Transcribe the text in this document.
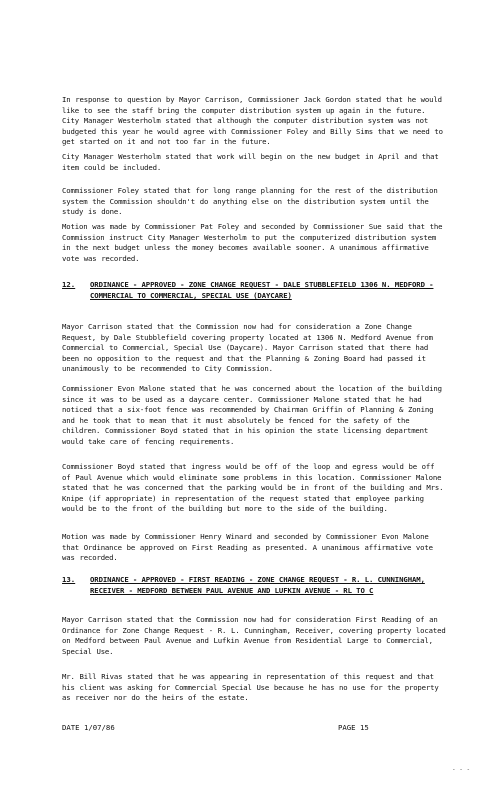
In response to question by Mayor Carrison, Commissioner Jack Gordon stated that he would like to see the staff bring the computer distribution system up again in the future. City Manager Westerholm stated that although the computer distribution system was not budgeted this year he would agree with Commissioner Foley and Billy Sims that we need to get started on it and not too far in the future.

City Manager Westerholm stated that work will begin on the new budget in April and that item could be included.

Commissioner Foley stated that for long range planning for the rest of the distribution system the Commission shouldn't do anything else on the distribution system until the study is done.

Motion was made by Commissioner Pat Foley and seconded by Commissioner Sue said that the Commission instruct City Manager Westerholm to put the computerized distribution system in the next budget unless the money becomes available sooner. A unanimous affirmative vote was recorded.

12. ORDINANCE - APPROVED - ZONE CHANGE REQUEST - DALE STUBBLEFIELD 1306 N. MEDFORD - COMMERCIAL TO COMMERCIAL, SPECIAL USE (DAYCARE)

Mayor Carrison stated that the Commission now had for consideration a Zone Change Request, by Dale Stubblefield covering property located at 1306 N. Medford Avenue from Commercial to Commercial, Special Use (Daycare). Mayor Carrison stated that there had been no opposition to the request and that the Planning & Zoning Board had passed it unanimously to be recommended to City Commission.

Commissioner Evon Malone stated that he was concerned about the location of the building since it was to be used as a daycare center. Commissioner Malone stated that he had noticed that a six-foot fence was recommended by Chairman Griffin of Planning & Zoning and he took that to mean that it must absolutely be fenced for the safety of the children. Commissioner Boyd stated that in his opinion the state licensing department would take care of fencing requirements.

Commissioner Boyd stated that ingress would be off of the loop and egress would be off of Paul Avenue which would eliminate some problems in this location. Commissioner Malone stated that he was concerned that the parking would be in front of the building and Mrs. Knipe (if appropriate) in representation of the request stated that employee parking would be to the front of the building but more to the side of the building.

Motion was made by Commissioner Henry Winard and seconded by Commissioner Evon Malone that Ordinance be approved on First Reading as presented. A unanimous affirmative vote was recorded.

13. ORDINANCE - APPROVED - FIRST READING - ZONE CHANGE REQUEST - R. L. CUNNINGHAM, RECEIVER - MEDFORD BETWEEN PAUL AVENUE AND LUFKIN AVENUE - RL TO C

Mayor Carrison stated that the Commission now had for consideration First Reading of an Ordinance for Zone Change Request - R. L. Cunningham, Receiver, covering property located on Medford between Paul Avenue and Lufkin Avenue from Residential Large to Commercial, Special Use.

Mr. Bill Rivas stated that he was appearing in representation of this request and that his client was asking for Commercial Special Use because he has no use for the property as receiver nor do the heirs of the estate.

DATE 1/07/86	PAGE 15
- - -
